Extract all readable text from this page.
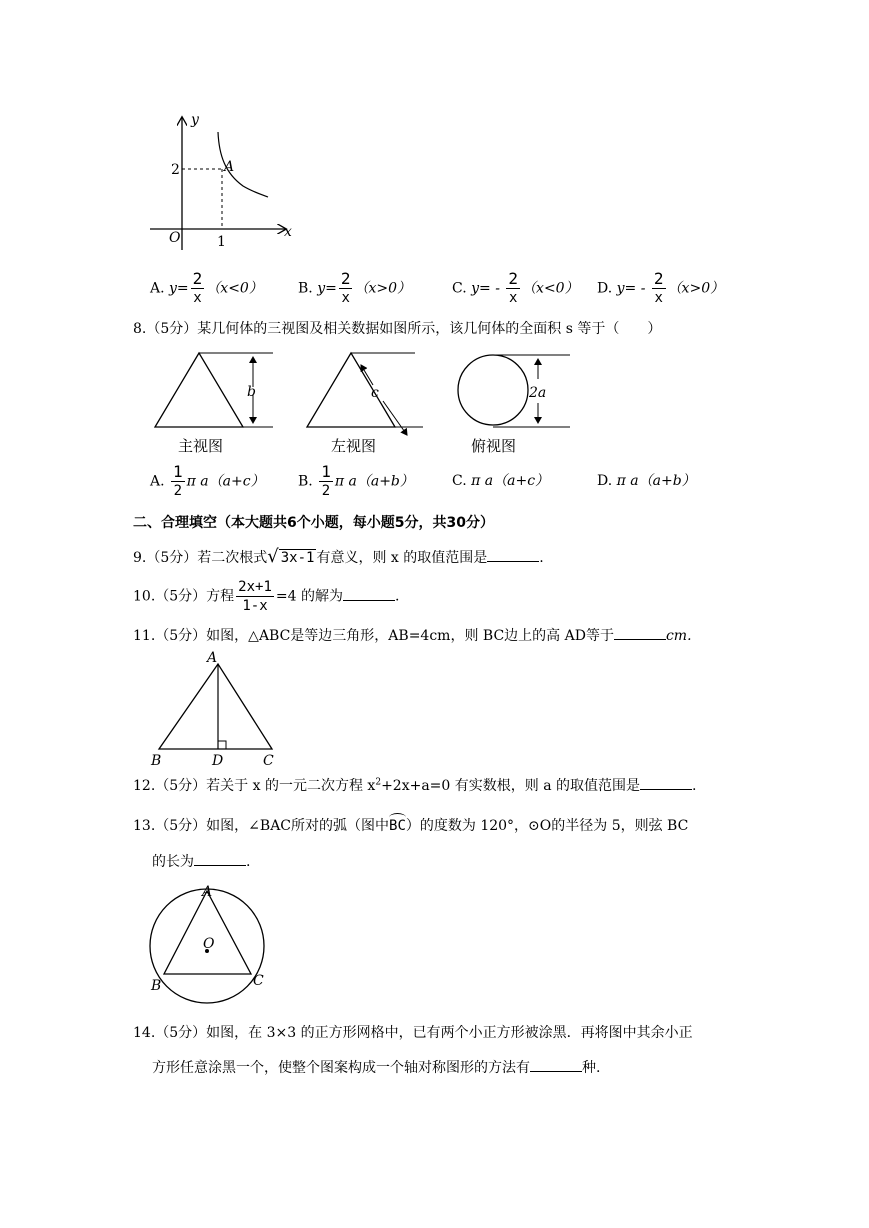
y
x
O
2
1
A
A. $y= \frac{2}{x} (x<0)$	B. $y= \frac{2}{x} (x>0)$	C. $y= - \frac{2}{x} (x<0)$ D. $y= - \frac{2}{x} (x>0)$
8.（5分）某几何体的三视图及相关数据如图所示，该几何体的全面积 s 等于（　　）
b
主视图
c
左视图
2a
俯视图
A. $\frac{1}{2}$ π a（a+c） B. $\frac{1}{2}$ π a（a+b）	C. π a（a+c）	D. π a（a+b）
二、合理填空（本大题共6个小题，每小题5分，共30分）
9.（5分）若二次根式√ 3x-1 有意义，则 x 的取值范围是	.
10.（5分）方程 $\frac{2x+1}{1-x} =4$ 的解为	.
11.（5分）如图，△ABC是等边三角形，AB=4cm，则 BC边上的高 AD等于	cm.
A
B	C
D
12.（5分）若关于 x 的一元二次方程 $x^2+2x+a=0$ 有实数根，则 a 的取值范围是	.
13.（5分）如图，∠BAC所对的弧（图中BC）的度数为 120°，⊙O的半径为 5，则弦 BC
的长为	.
A
B	C
O
14.（5分）如图，在 3×3 的正方形网格中，已有两个小正方形被涂黑．再将图中其余小正
方形任意涂黑一个，使整个图案构成一个轴对称图形的方法有	种.
